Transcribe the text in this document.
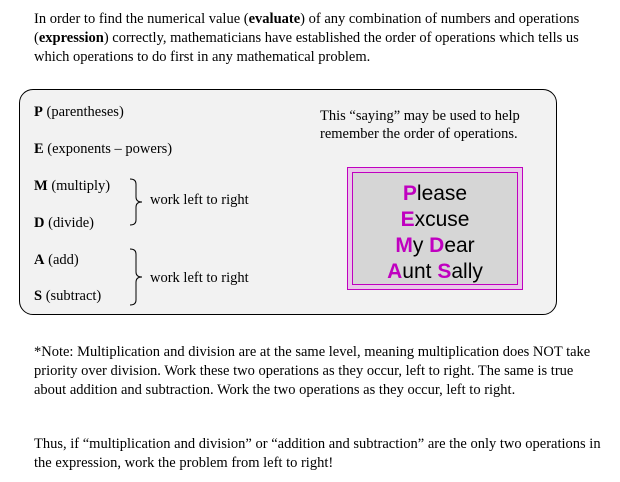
In order to find the numerical value (evaluate) of any combination of numbers and operations (expression) correctly, mathematicians have established the order of operations which tells us which operations to do first in any mathematical problem.

P (parentheses)
E (exponents – powers)
M (multiply)
D (divide)
A (add)
S (subtract)
work left to right
work left to right
This “saying” may be used to help remember the order of operations.
Please
Excuse
My Dear
Aunt Sally

*Note: Multiplication and division are at the same level, meaning multiplication does NOT take priority over division. Work these two operations as they occur, left to right. The same is true about addition and subtraction. Work the two operations as they occur, left to right.

Thus, if “multiplication and division” or “addition and subtraction” are the only two operations in the expression, work the problem from left to right!
